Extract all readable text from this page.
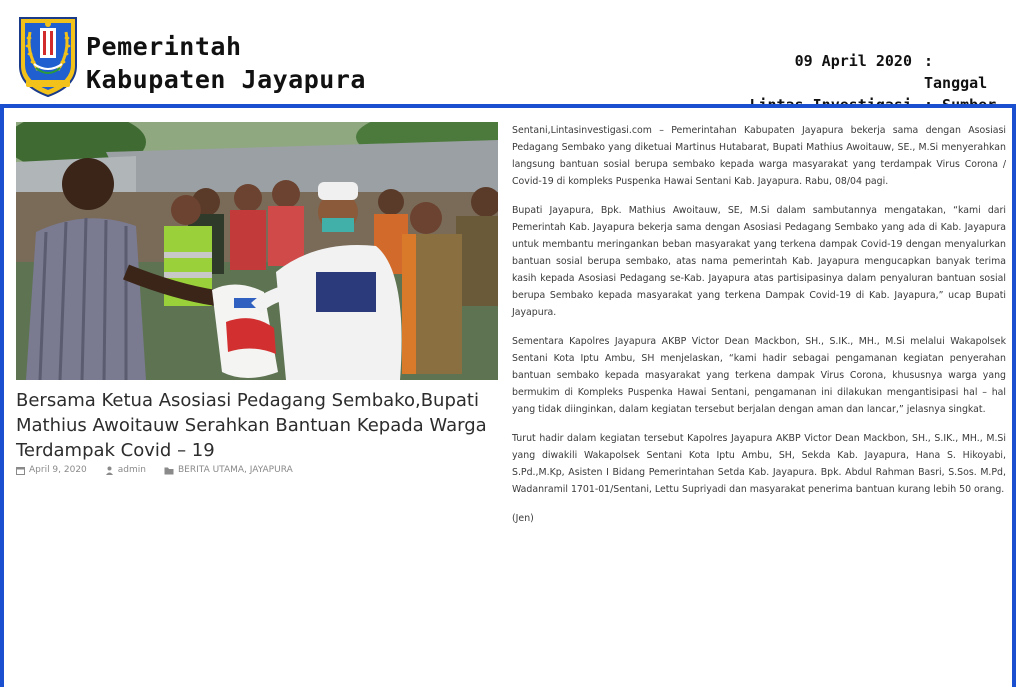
Pemerintah
Kabupaten Jayapura
09 April 2020 : Tanggal
Bersama Ketua Asosiasi Pedagang Sembako,Bupati Mathius Awoitauw Serahkan Bantuan Kepada Warga Terdampak Covid – 19
April 9, 2020	admin	BERITA UTAMA, JAYAPURA

Sentani,Lintasinvestigasi.com – Pemerintahan Kabupaten Jayapura bekerja sama dengan Asosiasi Pedagang Sembako yang diketuai Martinus Hutabarat, Bupati Mathius Awoitauw, SE., M.Si menyerahkan langsung bantuan sosial berupa sembako kepada warga masyarakat yang terdampak Virus Corona / Covid-19 di kompleks Puspenka Hawai Sentani Kab. Jayapura. Rabu, 08/04 pagi.

Bupati Jayapura, Bpk. Mathius Awoitauw, SE, M.Si dalam sambutannya mengatakan, “kami dari Pemerintah Kab. Jayapura bekerja sama dengan Asosiasi Pedagang Sembako yang ada di Kab. Jayapura untuk membantu meringankan beban masyarakat yang terkena dampak Covid-19 dengan menyalurkan bantuan sosial berupa sembako, atas nama pemerintah Kab. Jayapura mengucapkan banyak terima kasih kepada Asosiasi Pedagang se-Kab. Jayapura atas partisipasinya dalam penyaluran bantuan sosial berupa Sembako kepada masyarakat yang terkena Dampak Covid-19 di Kab. Jayapura,” ucap Bupati Jayapura.

Sementara Kapolres Jayapura AKBP Victor Dean Mackbon, SH., S.IK., MH., M.Si melalui Wakapolsek Sentani Kota Iptu Ambu, SH menjelaskan, “kami hadir sebagai pengamanan kegiatan penyerahan bantuan sembako kepada masyarakat yang terkena dampak Virus Corona, khususnya warga yang bermukim di Kompleks Puspenka Hawai Sentani, pengamanan ini dilakukan mengantisipasi hal – hal yang tidak diinginkan, dalam kegiatan tersebut berjalan dengan aman dan lancar,” jelasnya singkat.

Turut hadir dalam kegiatan tersebut Kapolres Jayapura AKBP Victor Dean Mackbon, SH., S.IK., MH., M.Si yang diwakili Wakapolsek Sentani Kota Iptu Ambu, SH, Sekda Kab. Jayapura, Hana S. Hikoyabi, S.Pd.,M.Kp, Asisten I Bidang Pemerintahan Setda Kab. Jayapura. Bpk. Abdul Rahman Basri, S.Sos. M.Pd, Wadanramil 1701-01/Sentani, Lettu Supriyadi dan masyarakat penerima bantuan kurang lebih 50 orang.

(Jen)
